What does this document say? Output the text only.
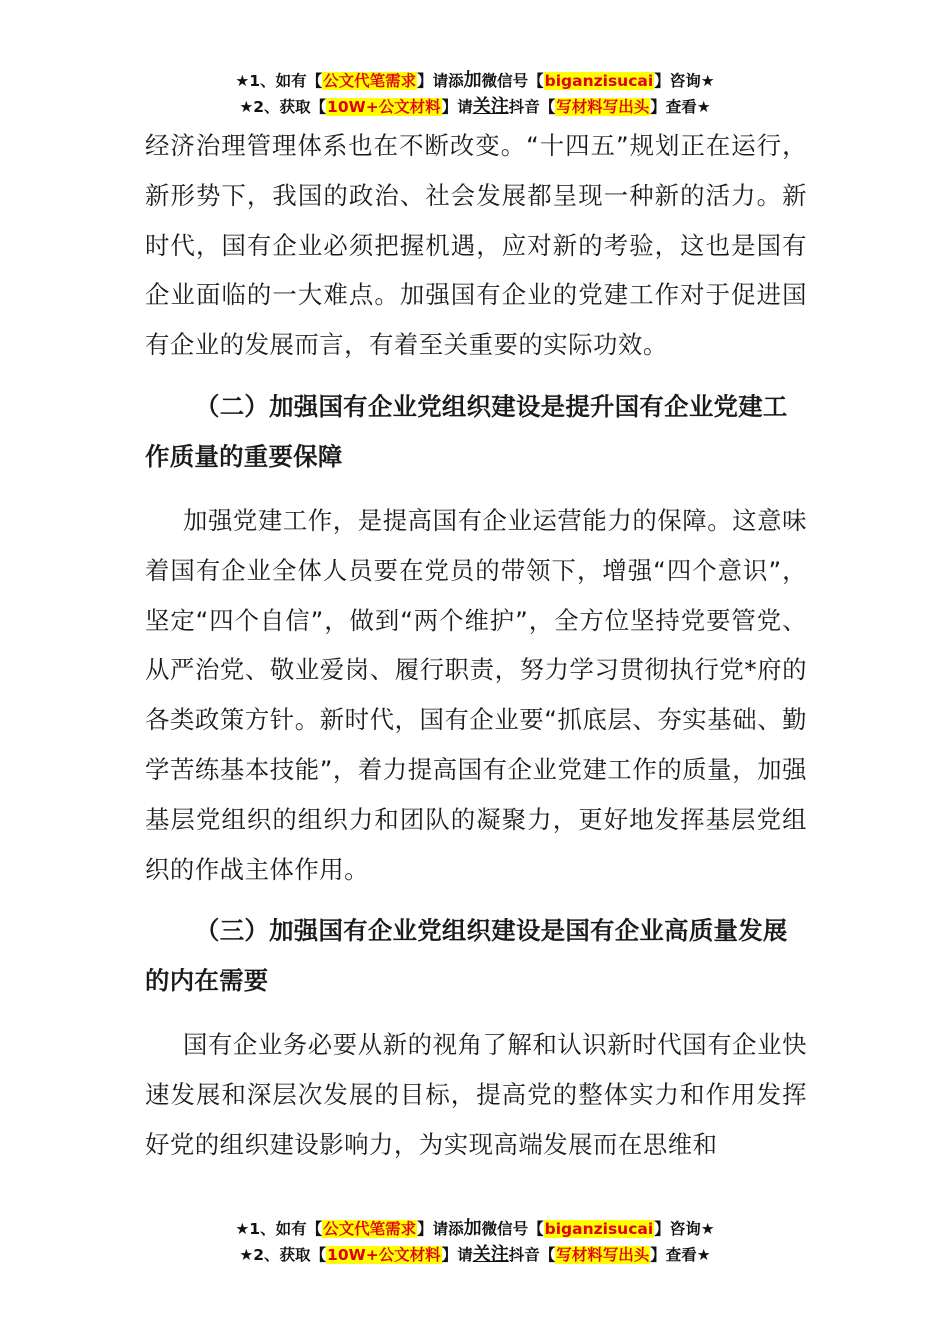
★1、如有【公文代笔需求】请添加微信号【biganzisucai】咨询★
★2、获取【10W+公文材料】请关注抖音【写材料写出头】查看★

经济治理管理体系也在不断改变。“十四五”规划正在运行，新形势下，我国的政治、社会发展都呈现一种新的活力。新时代，国有企业必须把握机遇，应对新的考验，这也是国有企业面临的一大难点。加强国有企业的党建工作对于促进国有企业的发展而言，有着至关重要的实际功效。

（二）加强国有企业党组织建设是提升国有企业党建工作质量的重要保障

加强党建工作，是提高国有企业运营能力的保障。这意味着国有企业全体人员要在党员的带领下，增强“四个意识”，坚定“四个自信”，做到“两个维护”，全方位坚持党要管党、从严治党、敬业爱岗、履行职责，努力学习贯彻执行党*府的各类政策方针。新时代，国有企业要“抓底层、夯实基础、勤学苦练基本技能”，着力提高国有企业党建工作的质量，加强基层党组织的组织力和团队的凝聚力，更好地发挥基层党组织的作战主体作用。

（三）加强国有企业党组织建设是国有企业高质量发展的内在需要

国有企业务必要从新的视角了解和认识新时代国有企业快速发展和深层次发展的目标，提高党的整体实力和作用发挥好党的组织建设影响力，为实现高端发展而在思维和

★1、如有【公文代笔需求】请添加微信号【biganzisucai】咨询★
★2、获取【10W+公文材料】请关注抖音【写材料写出头】查看★
